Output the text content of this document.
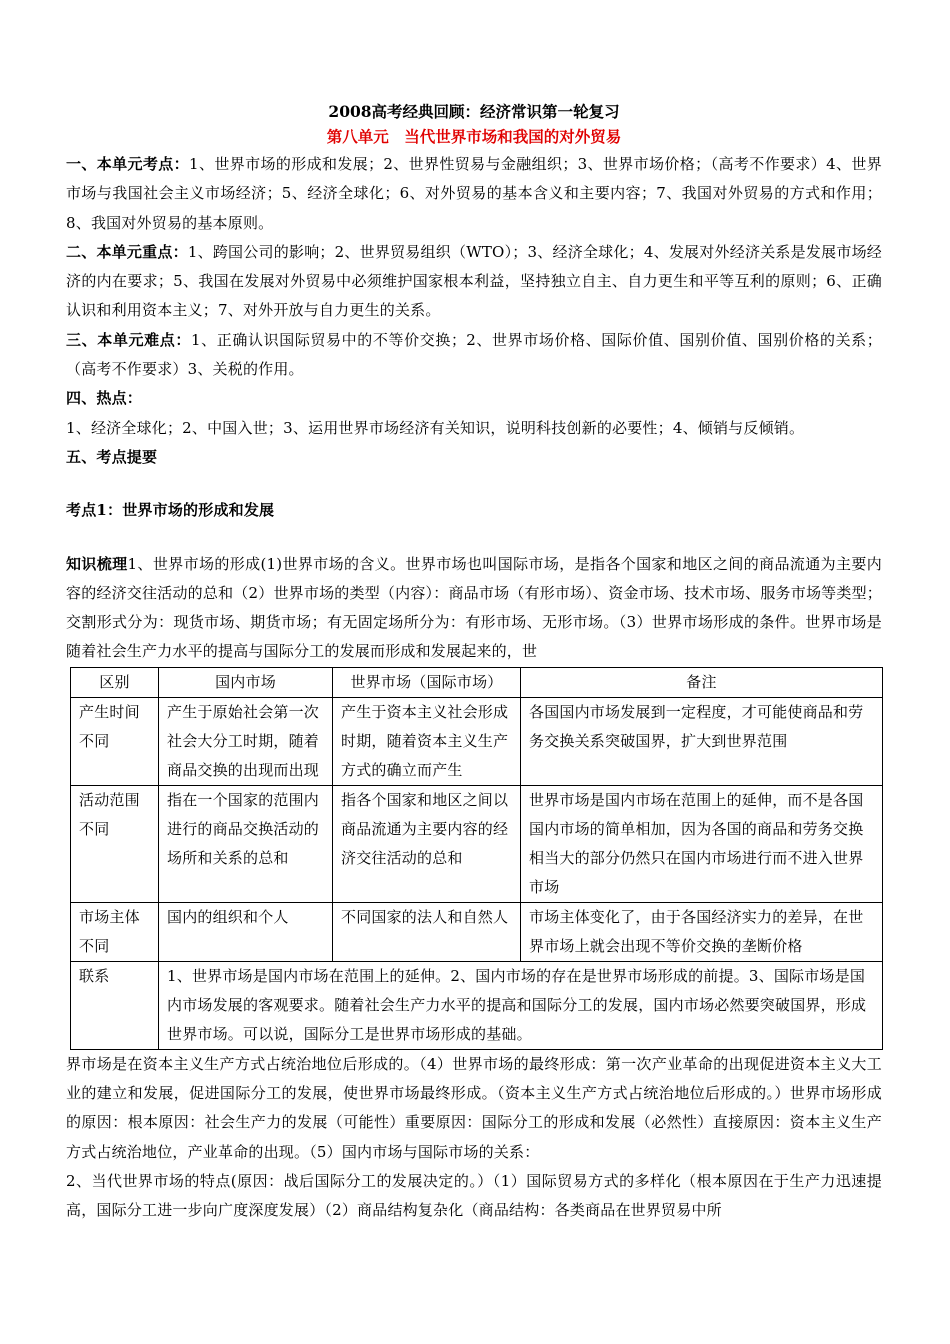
2008高考经典回顾：经济常识第一轮复习
第八单元　当代世界市场和我国的对外贸易

一、本单元考点：1、世界市场的形成和发展；2、世界性贸易与金融组织；3、世界市场价格；（高考不作要求）4、世界市场与我国社会主义市场经济；5、经济全球化；6、对外贸易的基本含义和主要内容；7、我国对外贸易的方式和作用；8、我国对外贸易的基本原则。

二、本单元重点：1、跨国公司的影响；2、世界贸易组织（WTO）；3、经济全球化；4、发展对外经济关系是发展市场经济的内在要求；5、我国在发展对外贸易中必须维护国家根本利益，坚持独立自主、自力更生和平等互利的原则；6、正确认识和利用资本主义；7、对外开放与自力更生的关系。

三、本单元难点：1、正确认识国际贸易中的不等价交换；2、世界市场价格、国际价值、国别价值、国别价格的关系；（高考不作要求）3、关税的作用。

四、热点：

1、经济全球化；2、中国入世；3、运用世界市场经济有关知识，说明科技创新的必要性；4、倾销与反倾销。

五、考点提要

考点1：世界市场的形成和发展

知识梳理1、世界市场的形成(1)世界市场的含义。世界市场也叫国际市场，是指各个国家和地区之间的商品流通为主要内容的经济交往活动的总和（2）世界市场的类型（内容）：商品市场（有形市场）、资金市场、技术市场、服务市场等类型；交割形式分为：现货市场、期货市场；有无固定场所分为：有形市场、无形市场。（3）世界市场形成的条件。世界市场是随着社会生产力水平的提高与国际分工的发展而形成和发展起来的，世

区别	国内市场	世界市场（国际市场）	备注
产生时间不同	产生于原始社会第一次社会大分工时期，随着商品交换的出现而出现	产生于资本主义社会形成时期，随着资本主义生产方式的确立而产生	各国国内市场发展到一定程度，才可能使商品和劳务交换关系突破国界，扩大到世界范围
活动范围不同	指在一个国家的范围内进行的商品交换活动的场所和关系的总和	指各个国家和地区之间以商品流通为主要内容的经济交往活动的总和	世界市场是国内市场在范围上的延伸，而不是各国国内市场的简单相加，因为各国的商品和劳务交换相当大的部分仍然只在国内市场进行而不进入世界市场
市场主体不同	国内的组织和个人	不同国家的法人和自然人	市场主体变化了，由于各国经济实力的差异，在世界市场上就会出现不等价交换的垄断价格
联系	1、世界市场是国内市场在范围上的延伸。2、国内市场的存在是世界市场形成的前提。3、国际市场是国内市场发展的客观要求。随着社会生产力水平的提高和国际分工的发展，国内市场必然要突破国界，形成世界市场。可以说，国际分工是世界市场形成的基础。		

界市场是在资本主义生产方式占统治地位后形成的。（4）世界市场的最终形成：第一次产业革命的出现促进资本主义大工业的建立和发展，促进国际分工的发展，使世界市场最终形成。（资本主义生产方式占统治地位后形成的。）世界市场形成的原因：根本原因：社会生产力的发展（可能性）重要原因：国际分工的形成和发展（必然性）直接原因：资本主义生产方式占统治地位，产业革命的出现。（5）国内市场与国际市场的关系：

2、当代世界市场的特点(原因：战后国际分工的发展决定的。）（1）国际贸易方式的多样化（根本原因在于生产力迅速提高，国际分工进一步向广度深度发展）（2）商品结构复杂化（商品结构：各类商品在世界贸易中所
